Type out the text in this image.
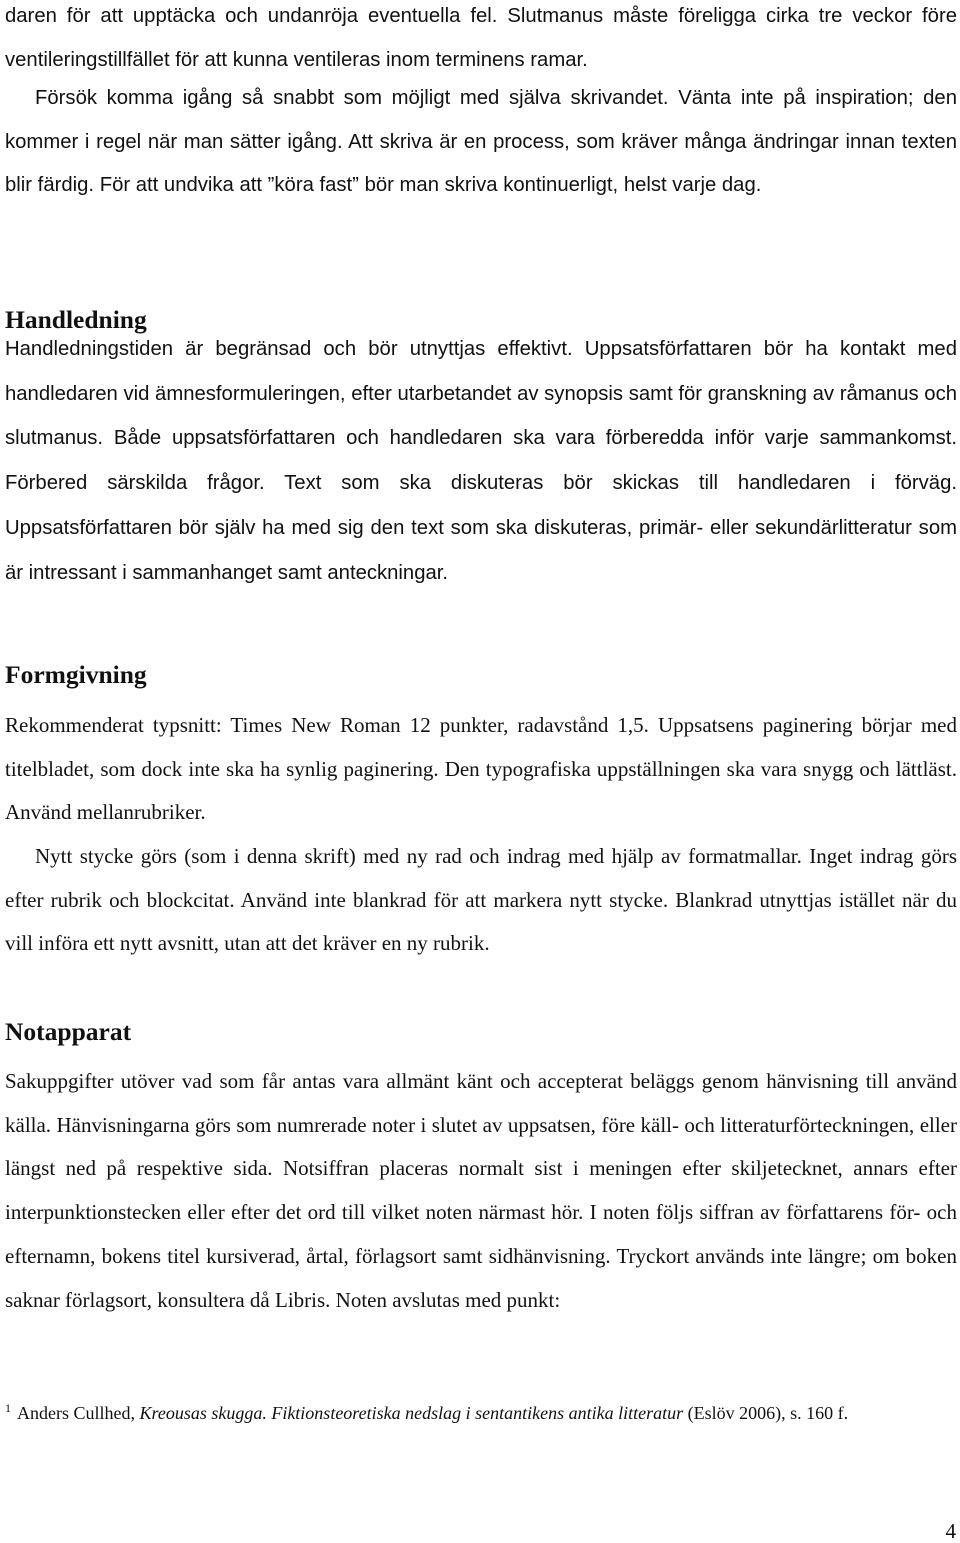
daren för att upptäcka och undanröja eventuella fel. Slutmanus måste föreligga cirka tre veckor före ventileringstillfället för att kunna ventileras inom terminens ramar.

Försök komma igång så snabbt som möjligt med själva skrivandet. Vänta inte på inspiration; den kommer i regel när man sätter igång. Att skriva är en process, som kräver många ändringar innan texten blir färdig. För att undvika att ”köra fast” bör man skriva kontinuerligt, helst varje dag.

Handledning

Handledningstiden är begränsad och bör utnyttjas effektivt. Uppsatsförfattaren bör ha kontakt med handledaren vid ämnesformuleringen, efter utarbetandet av synopsis samt för granskning av råmanus och slutmanus. Både uppsatsförfattaren och handledaren ska vara förberedda inför varje sammankomst. Förbered särskilda frågor. Text som ska diskuteras bör skickas till handledaren i förväg. Uppsatsförfattaren bör själv ha med sig den text som ska diskuteras, primär- eller sekundärlitteratur som är intressant i sammanhanget samt anteckningar.

Formgivning

Rekommenderat typsnitt: Times New Roman 12 punkter, radavstånd 1,5. Uppsatsens paginering börjar med titelbladet, som dock inte ska ha synlig paginering. Den typografiska uppställningen ska vara snygg och lättläst. Använd mellanrubriker.

Nytt stycke görs (som i denna skrift) med ny rad och indrag med hjälp av formatmallar. Inget indrag görs efter rubrik och blockcitat. Använd inte blankrad för att markera nytt stycke. Blankrad utnyttjas istället när du vill införa ett nytt avsnitt, utan att det kräver en ny rubrik.

Notapparat

Sakuppgifter utöver vad som får antas vara allmänt känt och accepterat beläggs genom hänvisning till använd källa. Hänvisningarna görs som numrerade noter i slutet av uppsatsen, före käll- och litteraturförteckningen, eller längst ned på respektive sida. Notsiffran placeras normalt sist i meningen efter skiljetecknet, annars efter interpunktionstecken eller efter det ord till vilket noten närmast hör. I noten följs siffran av författarens för- och efternamn, bokens titel kursiverad, årtal, förlagsort samt sidhänvisning. Tryckort används inte längre; om boken saknar förlagsort, konsultera då Libris. Noten avslutas med punkt:

$^1$ Anders Cullhed, Kreousas skugga. Fiktionsteoretiska nedslag i sentantikens antika litteratur (Eslöv 2006), s. 160 f.

4
